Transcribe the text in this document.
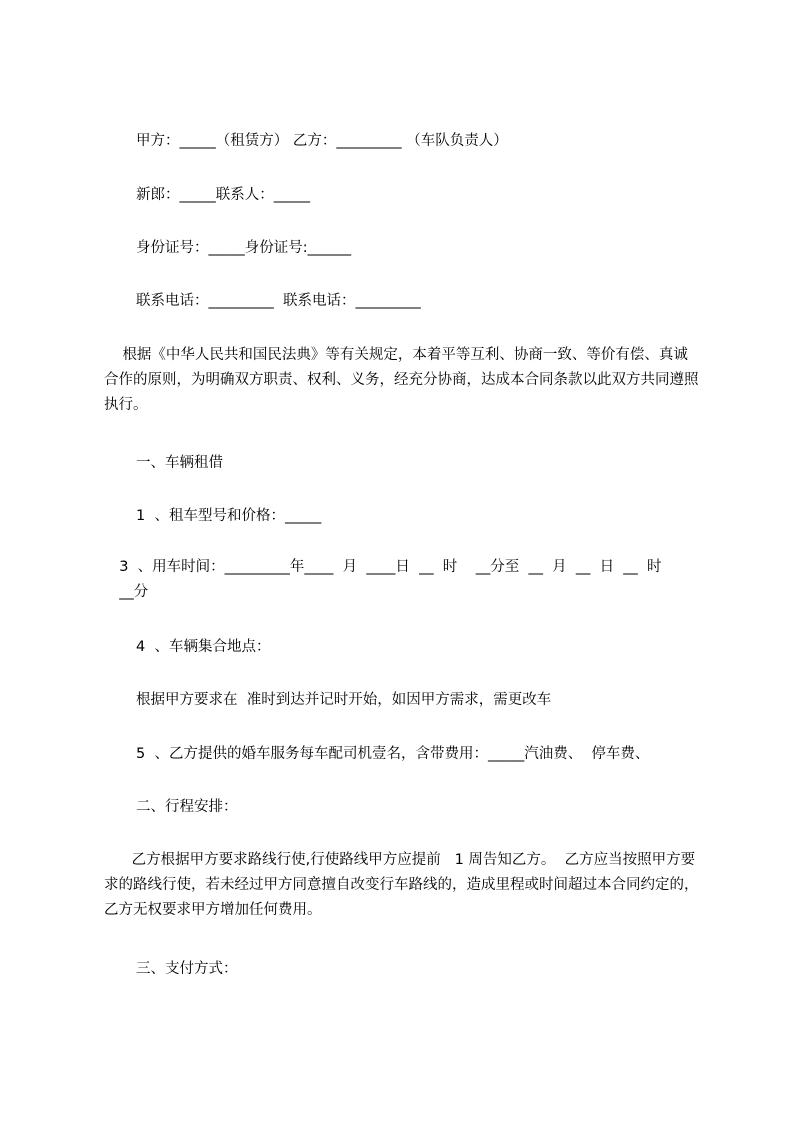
甲方：_____（租赁方） 乙方：_________ （车队负责人）

新郎：_____联系人：_____

身份证号：_____身份证号:______

联系电话：_________  联系电话：_________

根据《中华人民共和国民法典》等有关规定，本着平等互利、协商一致、等价有偿、真诚合作的原则，为明确双方职责、权利、义务，经充分协商，达成本合同条款以此双方共同遵照执行。

一、车辆租借

1  、租车型号和价格：_____

3  、用车时间：_________年____  月  ____日  __  时    __分至  __  月  __  日  __  时
__分

4  、车辆集合地点：

根据甲方要求在  准时到达并记时开始，如因甲方需求，需更改车

5  、乙方提供的婚车服务每车配司机壹名，含带费用：_____汽油费、  停车费、

二、行程安排：

乙方根据甲方要求路线行使,行使路线甲方应提前   1 周告知乙方。  乙方应当按照甲方要求的路线行使，若未经过甲方同意擅自改变行车路线的，造成里程或时间超过本合同约定的，乙方无权要求甲方增加任何费用。

三、支付方式：
